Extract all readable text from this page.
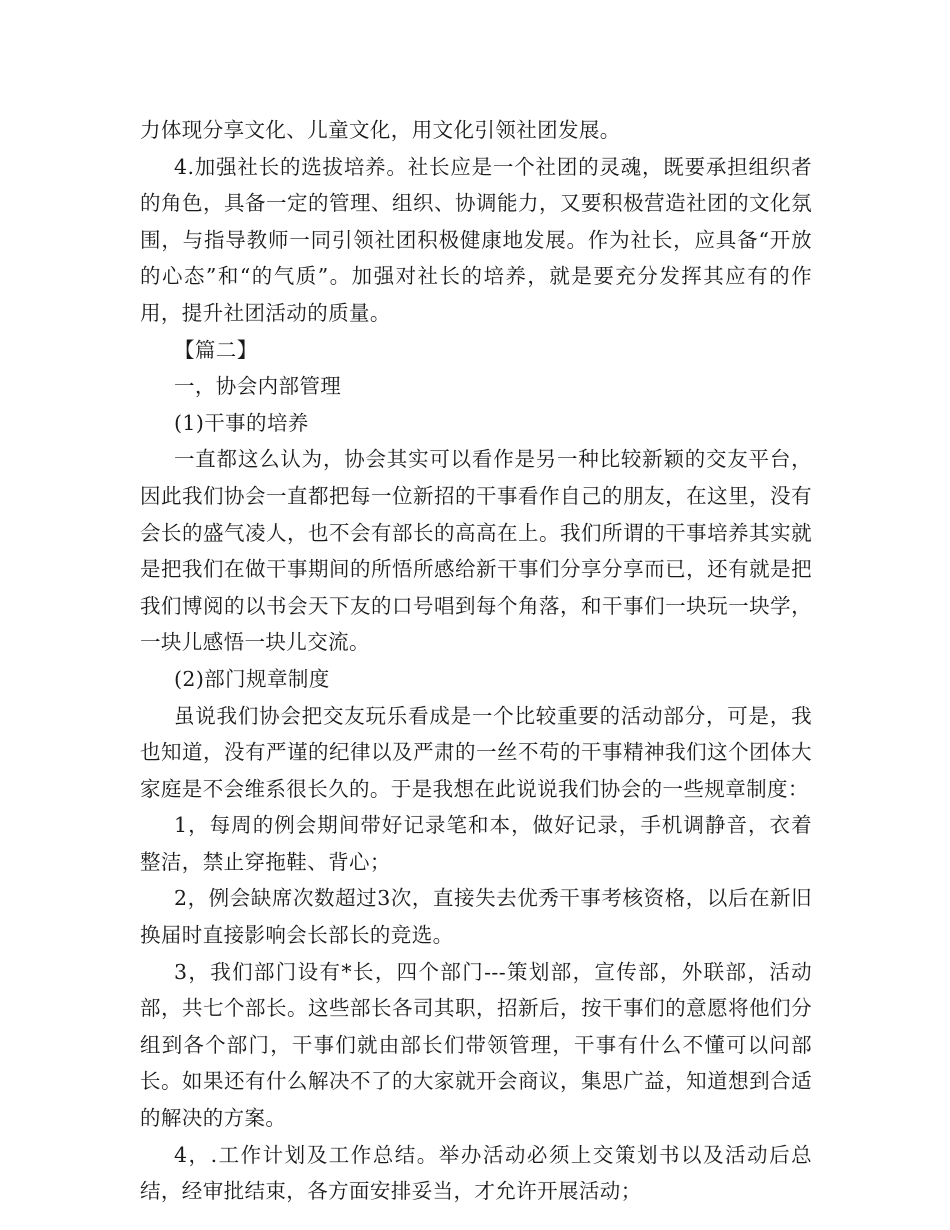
力体现分享文化、儿童文化，用文化引领社团发展。

4.加强社长的选拔培养。社长应是一个社团的灵魂，既要承担组织者的角色，具备一定的管理、组织、协调能力，又要积极营造社团的文化氛围，与指导教师一同引领社团积极健康地发展。作为社长，应具备“开放的心态”和“的气质”。加强对社长的培养，就是要充分发挥其应有的作用，提升社团活动的质量。

【篇二】

一，协会内部管理

(1)干事的培养

一直都这么认为，协会其实可以看作是另一种比较新颖的交友平台，因此我们协会一直都把每一位新招的干事看作自己的朋友，在这里，没有会长的盛气凌人，也不会有部长的高高在上。我们所谓的干事培养其实就是把我们在做干事期间的所悟所感给新干事们分享分享而已，还有就是把我们博阅的以书会天下友的口号唱到每个角落，和干事们一块玩一块学，一块儿感悟一块儿交流。

(2)部门规章制度

虽说我们协会把交友玩乐看成是一个比较重要的活动部分，可是，我也知道，没有严谨的纪律以及严肃的一丝不苟的干事精神我们这个团体大家庭是不会维系很长久的。于是我想在此说说我们协会的一些规章制度：

1，每周的例会期间带好记录笔和本，做好记录，手机调静音，衣着整洁，禁止穿拖鞋、背心；

2，例会缺席次数超过3次，直接失去优秀干事考核资格，以后在新旧换届时直接影响会长部长的竞选。

3，我们部门设有*长，四个部门---策划部，宣传部，外联部，活动部，共七个部长。这些部长各司其职，招新后，按干事们的意愿将他们分组到各个部门，干事们就由部长们带领管理，干事有什么不懂可以问部长。如果还有什么解决不了的大家就开会商议，集思广益，知道想到合适的解决的方案。

4，.工作计划及工作总结。举办活动必须上交策划书以及活动后总结，经审批结束，各方面安排妥当，才允许开展活动；
